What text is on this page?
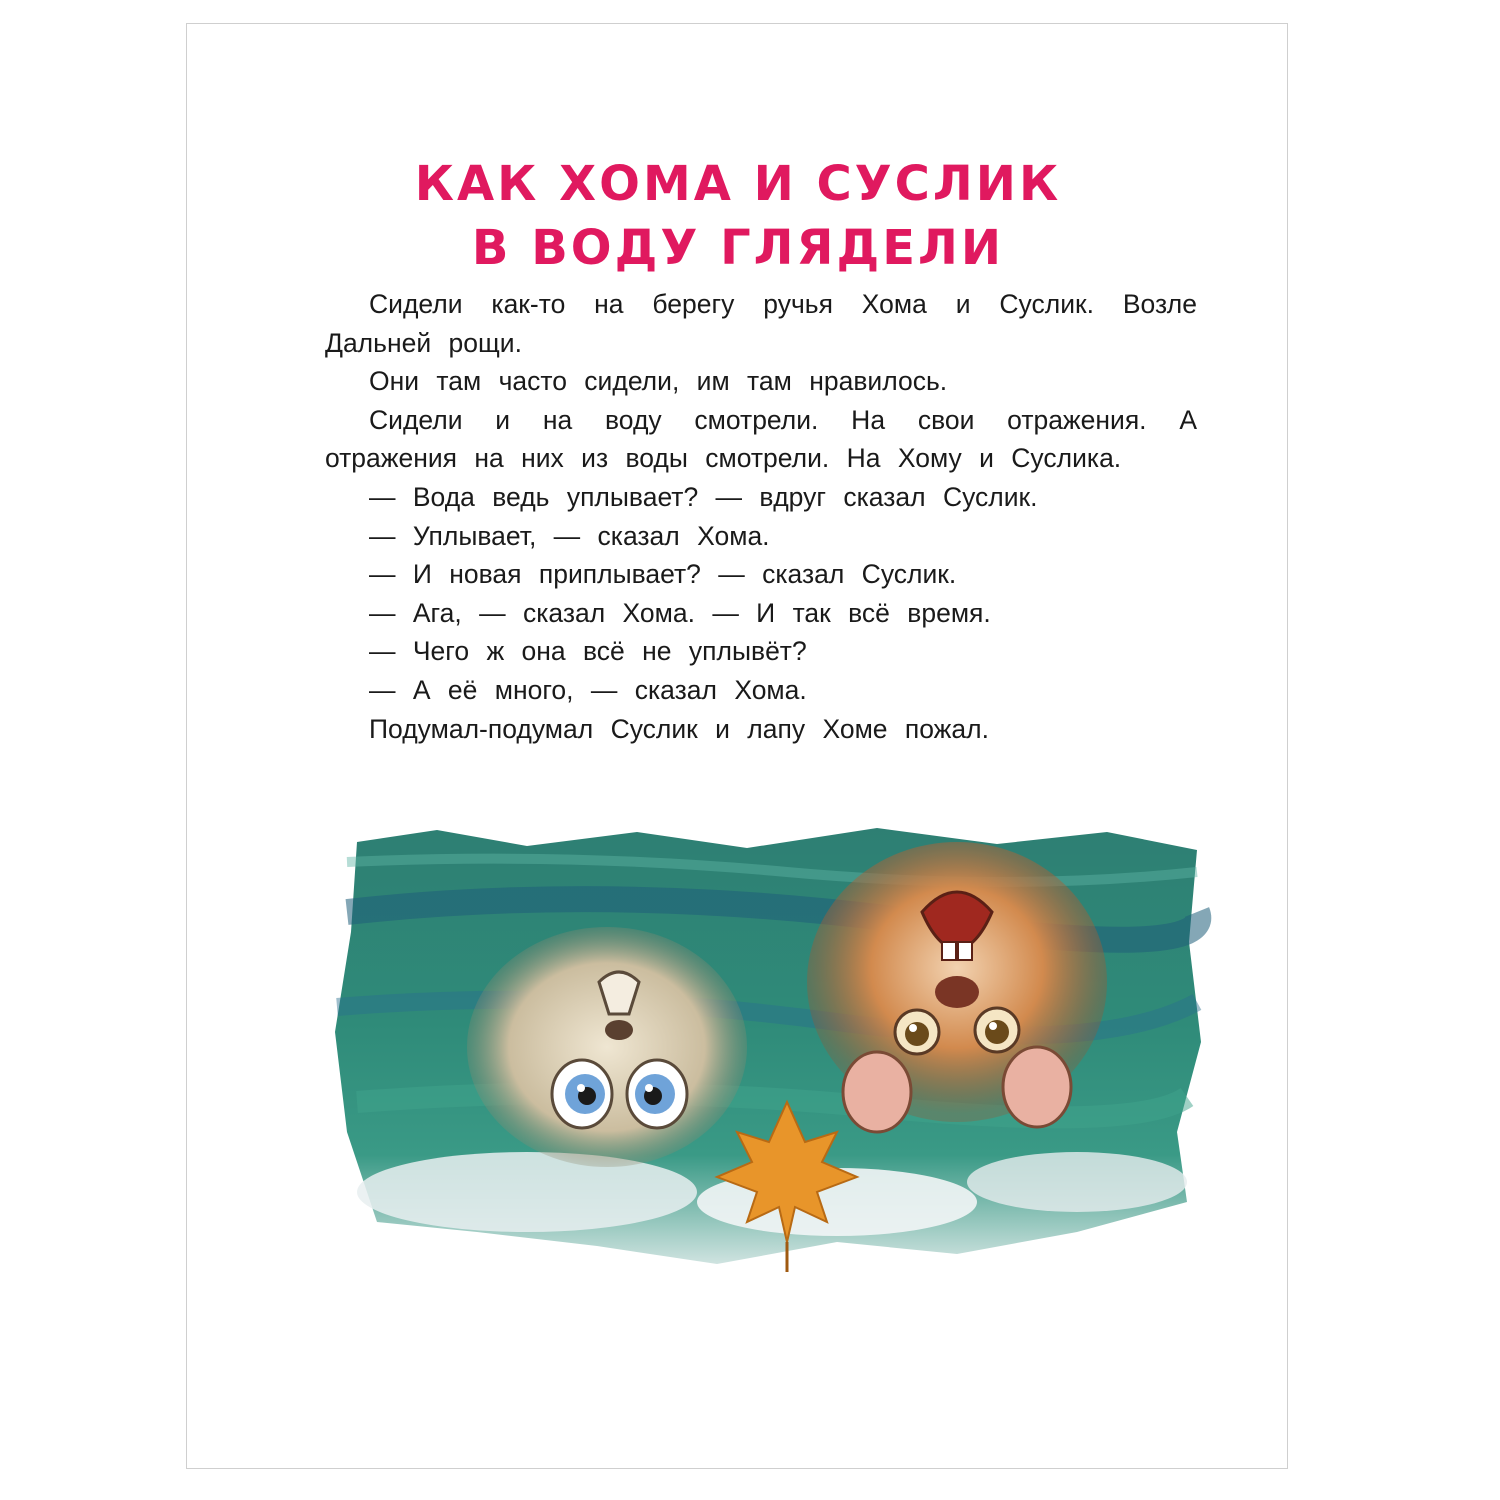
КАК ХОМА И СУСЛИК
В ВОДУ ГЛЯДЕЛИ

Сидели как-то на берегу ручья Хома и Суслик. Возле Дальней рощи.

Они там часто сидели, им там нравилось.

Сидели и на воду смотрели. На свои отражения. А отражения на них из воды смотрели. На Хому и Суслика.

— Вода ведь уплывает? — вдруг сказал Суслик.

— Уплывает, — сказал Хома.

— И новая приплывает? — сказал Суслик.

— Ага, — сказал Хома. — И так всё время.

— Чего ж она всё не уплывёт?

— А её много, — сказал Хома.

Подумал-подумал Суслик и лапу Хоме пожал.
